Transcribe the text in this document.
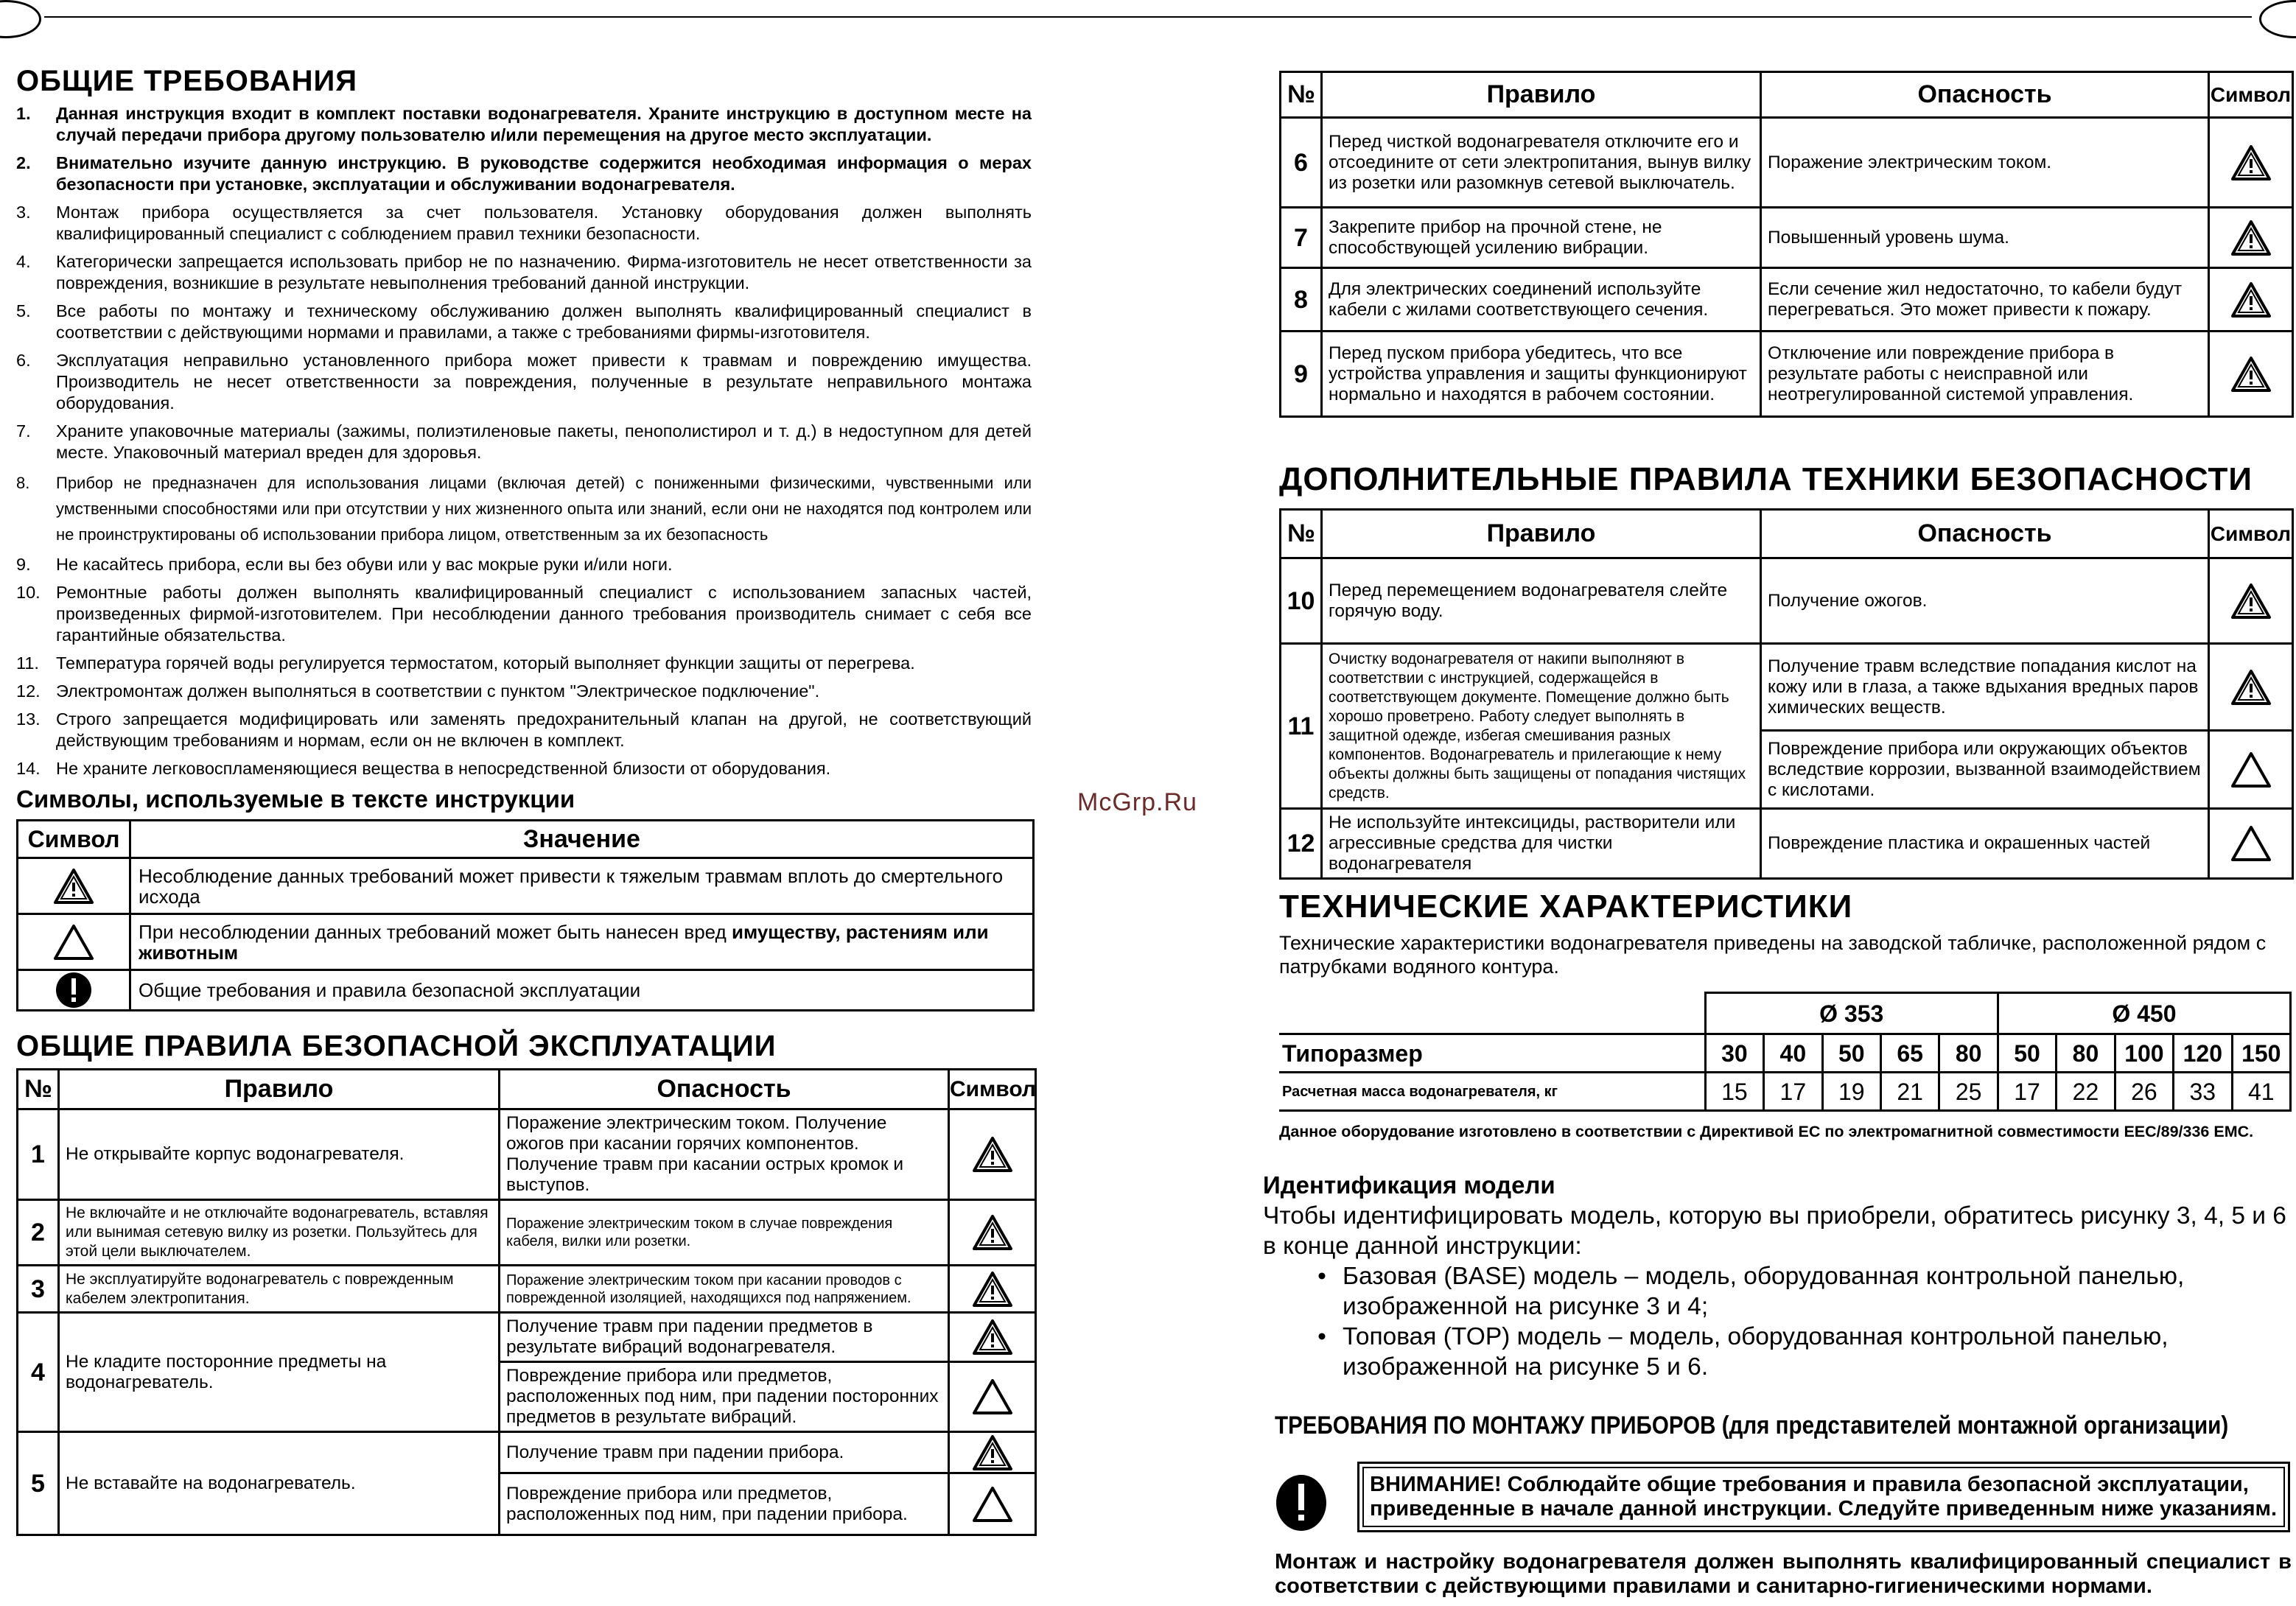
ОБЩИЕ ТРЕБОВАНИЯ
1.	Данная инструкция входит в комплект поставки водонагревателя. Храните инструкцию в доступном месте на случай передачи прибора другому пользователю и/или перемещения на другое место эксплуатации.
2.	Внимательно изучите данную инструкцию. В руководстве содержится необходимая информация о мерах безопасности при установке, эксплуатации и обслуживании водонагревателя.
3.	Монтаж прибора осуществляется за счет пользователя. Установку оборудования должен выполнять квалифицированный специалист с соблюдением правил техники безопасности.
4.	Категорически запрещается использовать прибор не по назначению. Фирма-изготовитель не несет ответственности за повреждения, возникшие в результате невыполнения требований данной инструкции.
5.	Все работы по монтажу и техническому обслуживанию должен выполнять квалифицированный специалист в соответствии с действующими нормами и правилами, а также с требованиями фирмы-изготовителя.
6.	Эксплуатация неправильно установленного прибора может привести к травмам и повреждению имущества. Производитель не несет ответственности за повреждения, полученные в результате неправильного монтажа оборудования.
7.	Храните упаковочные материалы (зажимы, полиэтиленовые пакеты, пенополистирол и т. д.) в недоступном для детей месте. Упаковочный материал вреден для здоровья.
8.	Прибор не предназначен для использования лицами (включая детей) с пониженными физическими, чувственными или умственными способностями или при отсутствии у них жизненного опыта или знаний, если они не находятся под контролем или не проинструктированы об использовании прибора лицом, ответственным за их безопасность
9.	Не касайтесь прибора, если вы без обуви или у вас мокрые руки и/или ноги.
10. Ремонтные работы должен выполнять квалифицированный специалист с использованием запасных частей, произведенных фирмой-изготовителем. При несоблюдении данного требования производитель снимает с себя все гарантийные обязательства.
11. Температура горячей воды регулируется термостатом, который выполняет функции защиты от перегрева.
12. Электромонтаж должен выполняться в соответствии с пунктом "Электрическое подключение".
13. Строго запрещается модифицировать или заменять предохранительный клапан на другой, не соответствующий действующим требованиям и нормам, если он не включен в комплект.
14. Не храните легковоспламеняющиеся вещества в непосредственной близости от оборудования.
Символы, используемые в тексте инструкции
Символ	Значение
	Несоблюдение данных требований может привести к тяжелым травмам вплоть до смертельного исхода
	При несоблюдении данных требований может быть нанесен вред имуществу, растениям или животным
	Общие требования и правила безопасной эксплуатации
ОБЩИЕ ПРАВИЛА БЕЗОПАСНОЙ ЭКСПЛУАТАЦИИ
№	Правило	Опасность	Символ
1	Не открывайте корпус водонагревателя.	Поражение электрическим током. Получение ожогов при касании горячих компонентов. Получение травм при касании острых кромок и выступов.	
2	Не включайте и не отключайте водонагреватель, вставляя или вынимая сетевую вилку из розетки. Пользуйтесь для этой цели выключателем.	Поражение электрическим током в случае повреждения кабеля, вилки или розетки.	
3	Не эксплуатируйте водонагреватель с поврежденным кабелем электропитания.	Поражение электрическим током при касании проводов с поврежденной изоляцией, находящихся под напряжением.	
4	Не кладите посторонние предметы на водонагреватель.	Получение травм при падении предметов в результате вибраций водонагревателя.	
		Повреждение прибора или предметов, расположенных под ним, при падении посторонних предметов в результате вибраций.	
5	Не вставайте на водонагреватель.	Получение травм при падении прибора.	
		Повреждение прибора или предметов, расположенных под ним, при падении прибора.	
McGrp.Ru
№	Правило	Опасность	Символ
6	Перед чисткой водонагревателя отключите его и отсоедините от сети электропитания, вынув вилку из розетки или разомкнув сетевой выключатель.	Поражение электрическим током.	
7	Закрепите прибор на прочной стене, не способствующей усилению вибрации.	Повышенный уровень шума.	
8	Для электрических соединений используйте кабели с жилами соответствующего сечения.	Если сечение жил недостаточно, то кабели будут перегреваться. Это может привести к пожару.	
9	Перед пуском прибора убедитесь, что все устройства управления и защиты функционируют нормально и находятся в рабочем состоянии.	Отключение или повреждение прибора в результате работы с неисправной или неотрегулированной системой управления.	
ДОПОЛНИТЕЛЬНЫЕ ПРАВИЛА ТЕХНИКИ БЕЗОПАСНОСТИ
№	Правило	Опасность	Символ
10	Перед перемещением водонагревателя слейте горячую воду.	Получение ожогов.	
11	Очистку водонагревателя от накипи выполняют в соответствии с инструкцией, содержащейся в соответствующем документе. Помещение должно быть хорошо проветрено. Работу следует выполнять в защитной одежде, избегая смешивания разных компонентов. Водонагреватель и прилегающие к нему объекты должны быть защищены от попадания чистящих средств.	Получение травм вследствие попадания кислот на кожу или в глаза, а также вдыхания вредных паров химических веществ.	
		Повреждение прибора или окружающих объектов вследствие коррозии, вызванной взаимодействием с кислотами.	
12	Не используйте интексициды, растворители или агрессивные средства для чистки водонагревателя	Повреждение пластика и окрашенных частей	
ТЕХНИЧЕСКИЕ ХАРАКТЕРИСТИКИ
Технические характеристики водонагревателя приведены на заводской табличке, расположенной рядом с патрубками водяного контура.
	Ø 353					Ø 450				
Типоразмер	30	40	50	65	80	50	80	100	120	150
Расчетная масса водонагревателя, кг	15	17	19	21	25	17	22	26	33	41
Данное оборудование изготовлено в соответствии с Директивой ЕС по электромагнитной совместимости EEC/89/336 EMC.
Идентификация модели
Чтобы идентифицировать модель, которую вы приобрели, обратитесь рисунку 3, 4, 5 и 6 в конце данной инструкции:
• Базовая (BASE) модель – модель, оборудованная контрольной панелью, изображенной на рисунке 3 и 4;
• Топовая (TOP) модель – модель, оборудованная контрольной панелью, изображенной на рисунке 5 и 6.
ТРЕБОВАНИЯ ПО МОНТАЖУ ПРИБОРОВ (для представителей монтажной организации)
ВНИМАНИЕ! Соблюдайте общие требования и правила безопасной эксплуатации, приведенные в начале данной инструкции. Следуйте приведенным ниже указаниям.
Монтаж и настройку водонагревателя должен выполнять квалифицированный специалист в соответствии с действующими правилами и санитарно-гигиеническими нормами.
